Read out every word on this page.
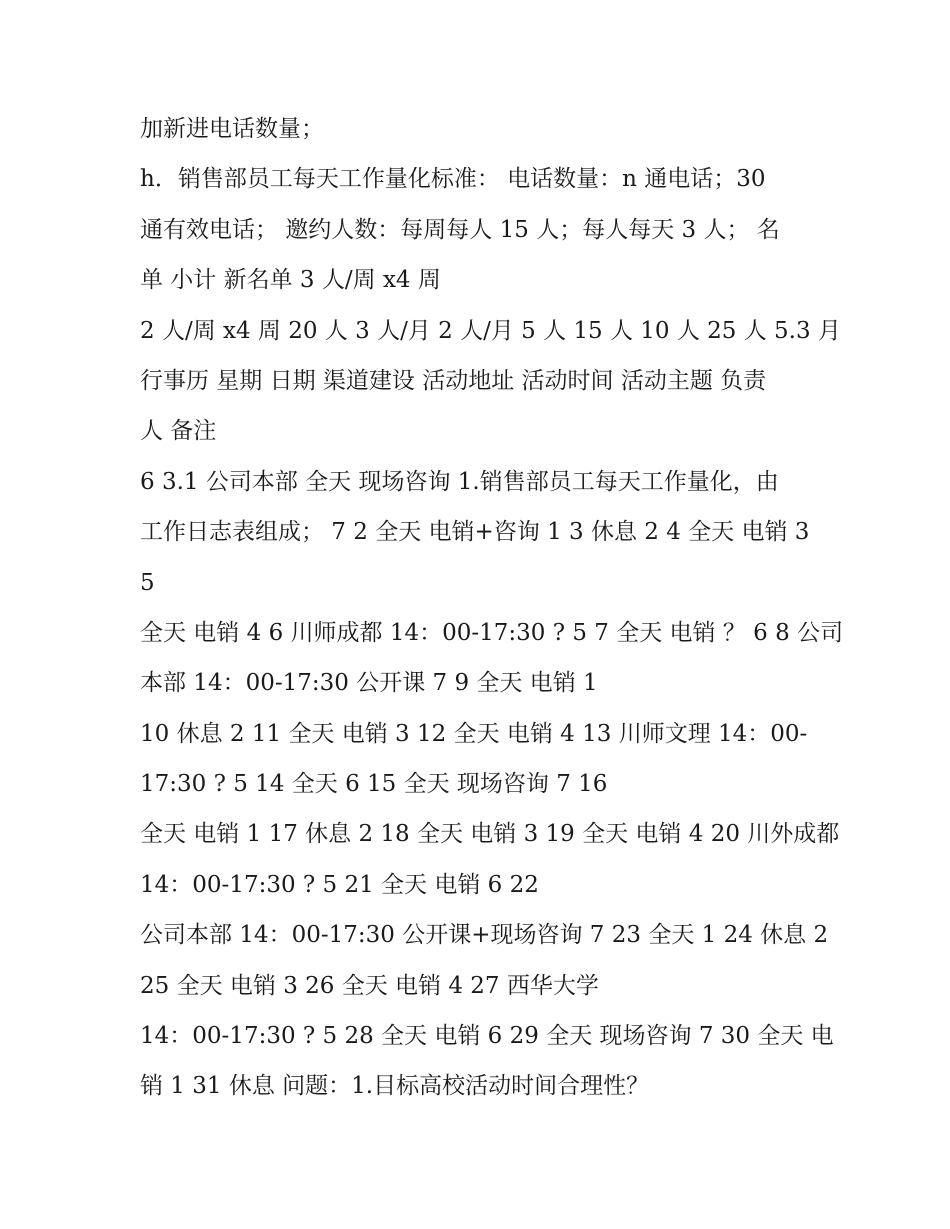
加新进电话数量；

h．销售部员工每天工作量化标准： 电话数量：n 通电话；30

通有效电话； 邀约人数：每周每人 15 人；每人每天 3 人； 名

单 小计 新名单 3 人/周 x4 周

2 人/周 x4 周 20 人 3 人/月 2 人/月 5 人 15 人 10 人 25 人 5.3 月

行事历 星期 日期 渠道建设 活动地址 活动时间 活动主题 负责

人 备注

6 3.1 公司本部 全天 现场咨询 1.销售部员工每天工作量化，由

工作日志表组成； 7 2 全天 电销+咨询 1 3 休息 2 4 全天 电销 3

5

全天 电销 4 6 川师成都 14：00-17:30 ? 5 7 全天 电销 ？ 6 8 公司

本部 14：00-17:30 公开课 7 9 全天 电销 1

10 休息 2 11 全天 电销 3 12 全天 电销 4 13 川师文理 14：00-

17:30 ? 5 14 全天 6 15 全天 现场咨询 7 16

全天 电销 1 17 休息 2 18 全天 电销 3 19 全天 电销 4 20 川外成都

14：00-17:30 ? 5 21 全天 电销 6 22

公司本部 14：00-17:30 公开课+现场咨询 7 23 全天 1 24 休息 2

25 全天 电销 3 26 全天 电销 4 27 西华大学

14：00-17:30 ? 5 28 全天 电销 6 29 全天 现场咨询 7 30 全天 电

销 1 31 休息 问题：1.目标高校活动时间合理性？
